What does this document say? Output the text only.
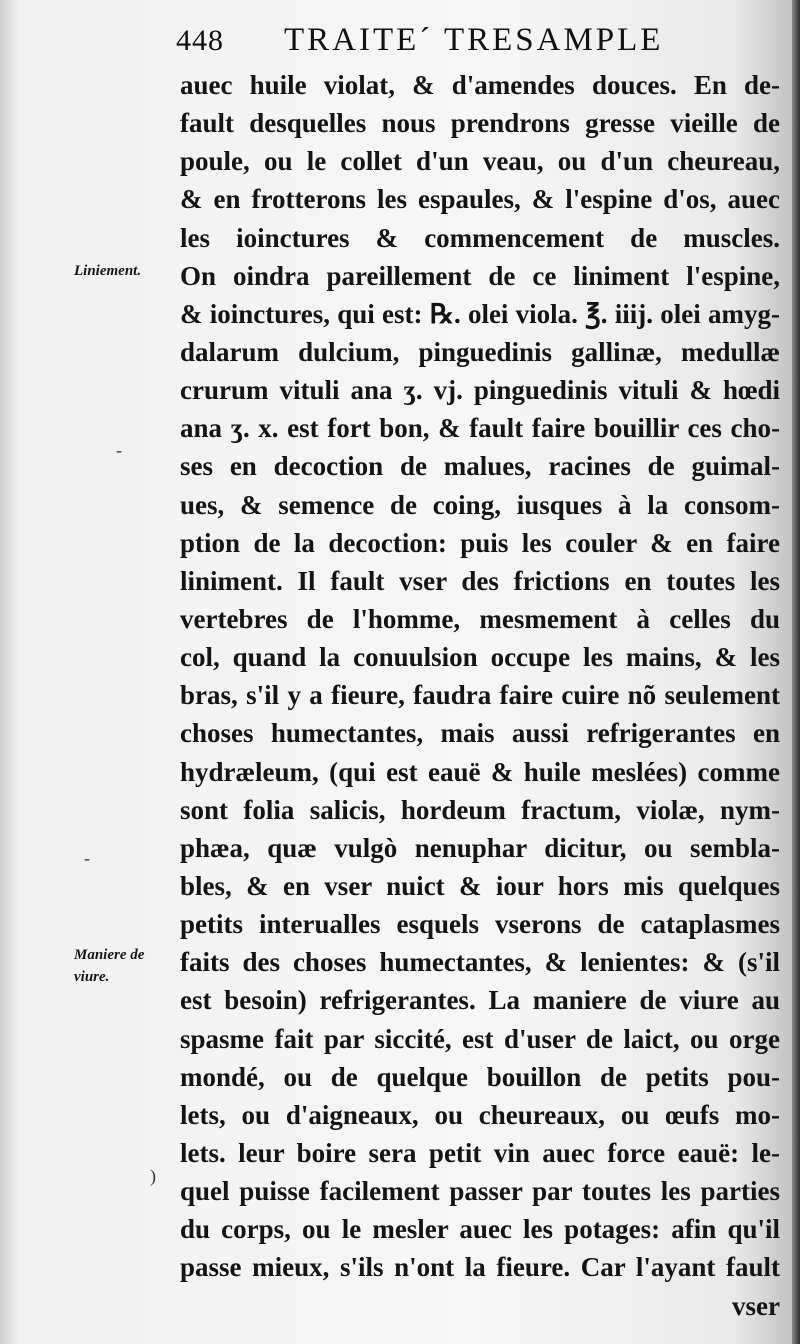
448 TRAITE´ TRESAMPLE
Liniement.
Maniere de
viure.
-
-
)
auec huile violat, & d'amendes douces. En de-
fault desquelles nous prendrons gresse vieille de
poule, ou le collet d'un veau, ou d'un cheureau,
& en frotterons les espaules, & l'espine d'os, auec
les ioinctures & commencement de muscles.
On oindra pareillement de ce liniment l'espine,
& ioinctures, qui est: ℞. olei viola. ℥. iiij. olei amyg-
dalarum dulcium, pinguedinis gallinæ, medullæ
crurum vituli ana ʒ. vj. pinguedinis vituli & hœdi
ana ʒ. x. est fort bon, & fault faire bouillir ces cho-
ses en decoction de malues, racines de guimal-
ues, & semence de coing, iusques à la consom-
ption de la decoction: puis les couler & en faire
liniment. Il fault vser des frictions en toutes les
vertebres de l'homme, mesmement à celles du
col, quand la conuulsion occupe les mains, & les
bras, s'il y a fieure, faudra faire cuire nõ seulement
choses humectantes, mais aussi refrigerantes en
hydrælеum, (qui est eauë & huile meslées) comme
sont folia salicis, hordeum fractum, violæ, nym-
phæa, quæ vulgò nenuphar dicitur, ou sembla-
bles, & en vser nuict & iour hors mis quelques
petits interualles esquels vserons de cataplasmes
faits des choses humectantes, & lenientes: & (s'il
est besoin) refrigerantes. La maniere de viure au
spasme fait par siccité, est d'user de laict, ou orge
mondé, ou de quelque bouillon de petits pou-
lets, ou d'aigneaux, ou cheureaux, ou œufs mo-
lets. leur boire sera petit vin auec force eauë: le-
quel puisse facilement passer par toutes les parties
du corps, ou le mesler auec les potages: afin qu'il
passe mieux, s'ils n'ont la fieure. Car l'ayant fault
vser
